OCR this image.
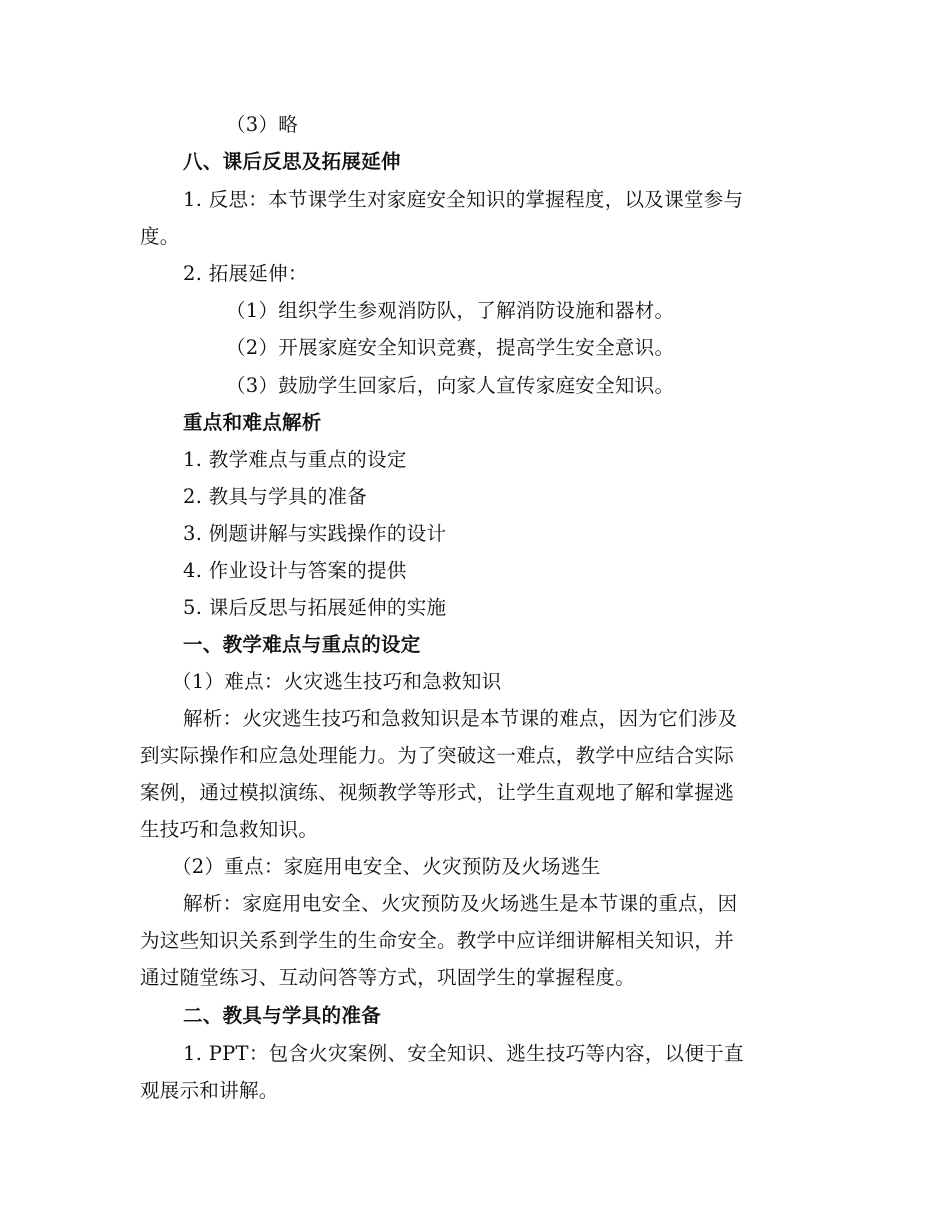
（3）略
八、课后反思及拓展延伸
1. 反思：本节课学生对家庭安全知识的掌握程度，以及课堂参与
度。
2. 拓展延伸：
（1）组织学生参观消防队，了解消防设施和器材。
（2）开展家庭安全知识竞赛，提高学生安全意识。
（3）鼓励学生回家后，向家人宣传家庭安全知识。
重点和难点解析
1. 教学难点与重点的设定
2. 教具与学具的准备
3. 例题讲解与实践操作的设计
4. 作业设计与答案的提供
5. 课后反思与拓展延伸的实施
一、教学难点与重点的设定
（1）难点：火灾逃生技巧和急救知识
解析：火灾逃生技巧和急救知识是本节课的难点，因为它们涉及
到实际操作和应急处理能力。为了突破这一难点，教学中应结合实际
案例，通过模拟演练、视频教学等形式，让学生直观地了解和掌握逃
生技巧和急救知识。
（2）重点：家庭用电安全、火灾预防及火场逃生
解析：家庭用电安全、火灾预防及火场逃生是本节课的重点，因
为这些知识关系到学生的生命安全。教学中应详细讲解相关知识，并
通过随堂练习、互动问答等方式，巩固学生的掌握程度。
二、教具与学具的准备
1. PPT：包含火灾案例、安全知识、逃生技巧等内容，以便于直
观展示和讲解。
